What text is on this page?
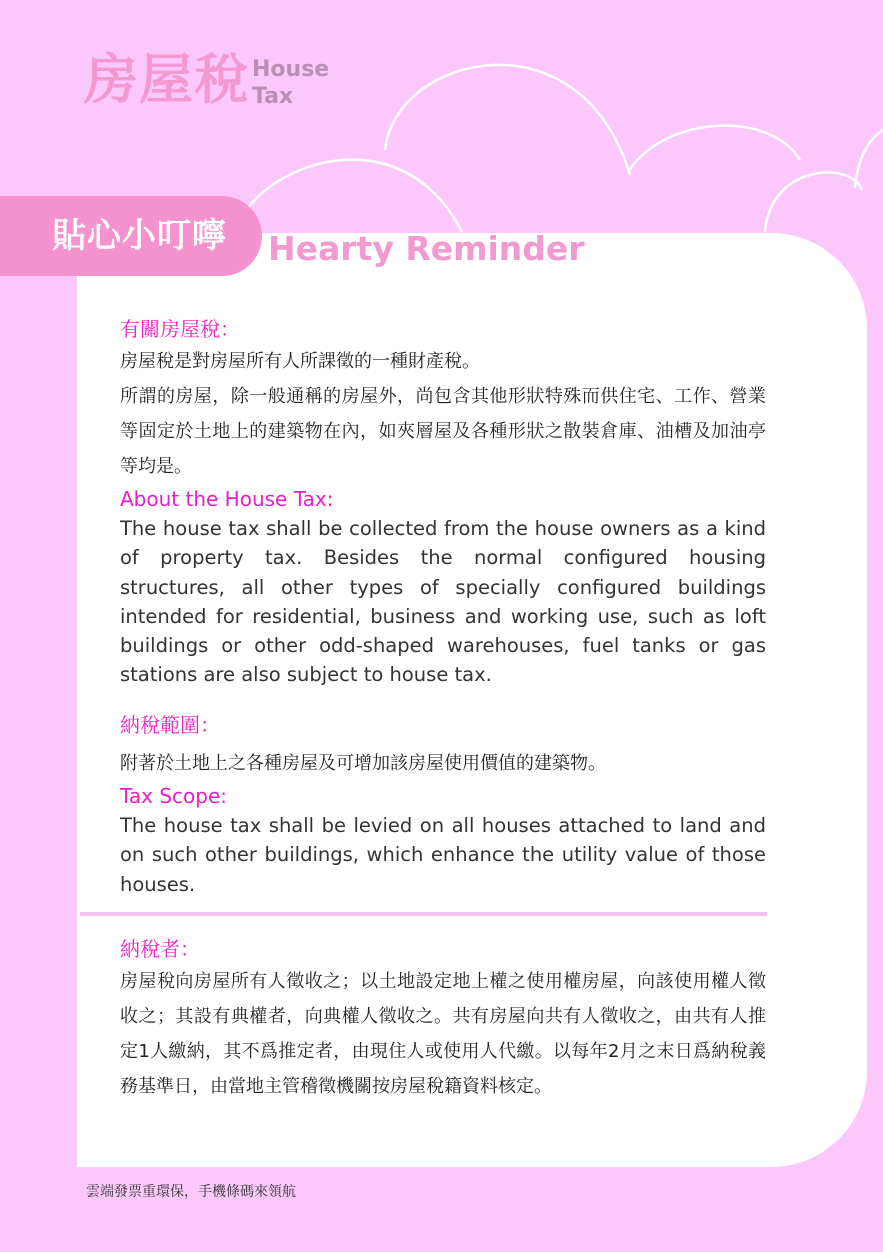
房屋稅 House
Tax
貼心小叮嚀 Hearty Reminder
有關房屋稅：
房屋稅是對房屋所有人所課徵的一種財產稅。
所謂的房屋，除一般通稱的房屋外，尚包含其他形狀特殊而供住宅、工作、營業等固定於土地上的建築物在內，如夾層屋及各種形狀之散裝倉庫、油槽及加油亭等均是。
About the House Tax:
The house tax shall be collected from the house owners as a kind of property tax. Besides the normal configured housing structures, all other types of specially configured buildings intended for residential, business and working use, such as loft buildings or other odd-shaped warehouses, fuel tanks or gas stations are also subject to house tax.
納稅範圍：
附著於土地上之各種房屋及可增加該房屋使用價值的建築物。
Tax Scope:
The house tax shall be levied on all houses attached to land and on such other buildings, which enhance the utility value of those houses.
納稅者：
房屋稅向房屋所有人徵收之；以土地設定地上權之使用權房屋，向該使用權人徵收之；其設有典權者，向典權人徵收之。共有房屋向共有人徵收之，由共有人推定1人繳納，其不爲推定者，由現住人或使用人代繳。以每年2月之末日爲納稅義務基準日，由當地主管稽徵機關按房屋稅籍資料核定。
雲端發票重環保，手機條碼來領航
